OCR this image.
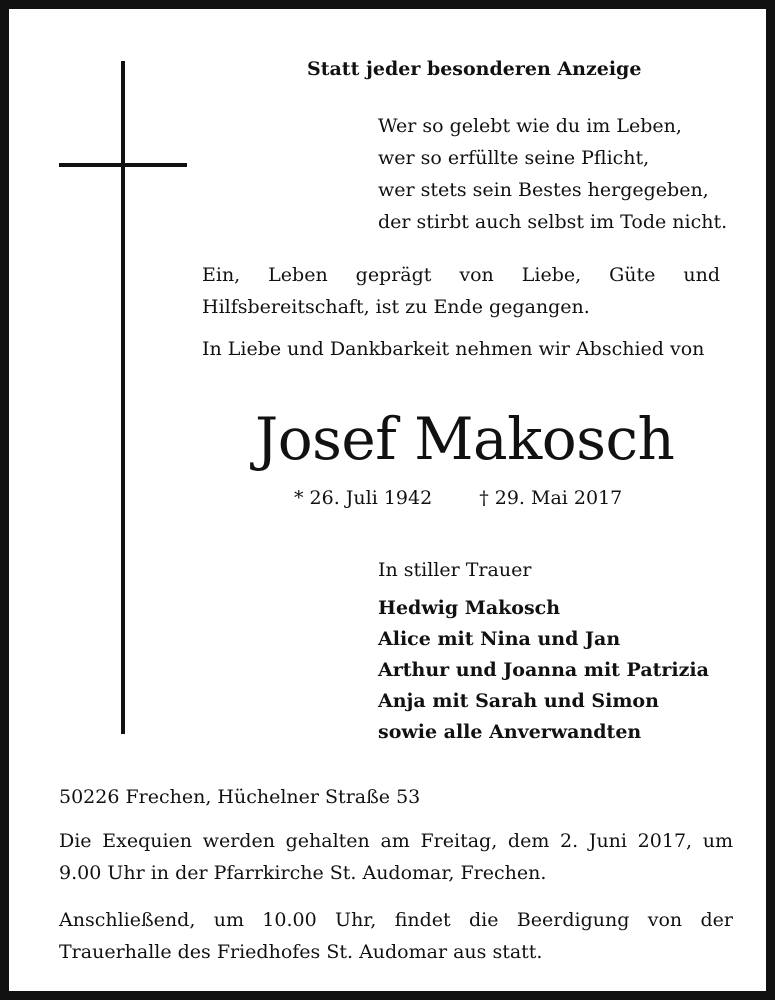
Statt jeder besonderen Anzeige
Wer so gelebt wie du im Leben,
wer so erfüllte seine Pflicht,
wer stets sein Bestes hergegeben,
der stirbt auch selbst im Tode nicht.
Ein, Leben geprägt von Liebe, Güte und Hilfsbereitschaft, ist zu Ende gegangen.
In Liebe und Dankbarkeit nehmen wir Abschied von
Josef Makosch
* 26. Juli 1942 † 29. Mai 2017
In stiller Trauer
Hedwig Makosch
Alice mit Nina und Jan
Arthur und Joanna mit Patrizia
Anja mit Sarah und Simon
sowie alle Anverwandten
50226 Frechen, Hüchelner Straße 53
Die Exequien werden gehalten am Freitag, dem 2. Juni 2017, um 9.00 Uhr in der Pfarrkirche St. Audomar, Frechen.
Anschließend, um 10.00 Uhr, findet die Beerdigung von der Trauerhalle des Friedhofes St. Audomar aus statt.
